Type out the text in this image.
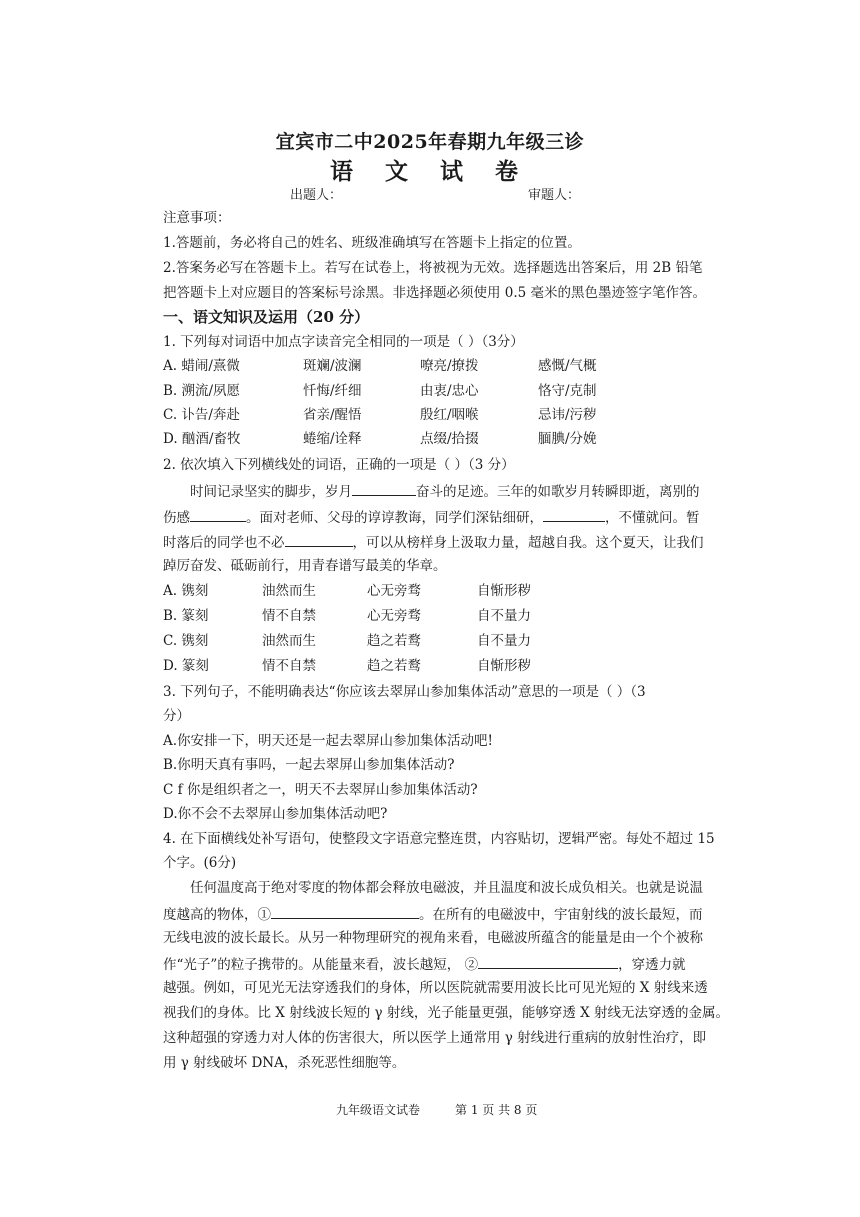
宜宾市二中2025年春期九年级三诊
语 文 试 卷
出题人：	审题人：
注意事项：
1.答题前，务必将自己的姓名、班级准确填写在答题卡上指定的位置。
2.答案务必写在答题卡上。若写在试卷上，将被视为无效。选择题选出答案后，用 2B 铅笔
把答题卡上对应题目的答案标号涂黑。非选择题必须使用 0.5 毫米的黑色墨迹签字笔作答。
一、语文知识及运用（20 分）
1. 下列每对词语中加点字读音完全相同的一项是（ ）（3分）
A. 蜡闹/熹微	斑斓/波澜	嘹亮/撩拨	感慨/气概
B. 溯流/夙愿	忏悔/纤细	由衷/忠心	恪守/克制
C. 讣告/奔赴	省亲/醒悟	殷红/咽喉	忌讳/污秽
D. 酗酒/畜牧	蜷缩/诠释	点缀/拾掇	腼腆/分娩
2. 依次填入下列横线处的词语，正确的一项是（ ）（3 分）
时间记录坚实的脚步，岁月	奋斗的足迹。三年的如歌岁月转瞬即逝，离别的
伤感	。面对老师、父母的谆谆教诲，同学们深钻细研，	，不懂就问。暂
时落后的同学也不必	，可以从榜样身上汲取力量，超越自我。这个夏天，让我们
踔厉奋发、砥砺前行，用青春谱写最美的华章。
A. 镌刻	油然而生	心无旁骛	自惭形秽
B. 篆刻	情不自禁	心无旁骛	自不量力
C. 镌刻	油然而生	趋之若鹜	自不量力
D. 篆刻	情不自禁	趋之若鹜	自惭形秽
3. 下列句子，不能明确表达“你应该去翠屏山参加集体活动”意思的一项是（ ）（3
分）
A.你安排一下，明天还是一起去翠屏山参加集体活动吧!
B.你明天真有事吗，一起去翠屏山参加集体活动?
C f 你是组织者之一，明天不去翠屏山参加集体活动?
D.你不会不去翠屏山参加集体活动吧?
4. 在下面横线处补写语句，使整段文字语意完整连贯，内容贴切，逻辑严密。每处不超过 15
个字。(6分)
任何温度高于绝对零度的物体都会释放电磁波，并且温度和波长成负相关。也就是说温
度越高的物体，①	。在所有的电磁波中，宇宙射线的波长最短，而
无线电波的波长最长。从另一种物理研究的视角来看，电磁波所蕴含的能量是由一个个被称
作“光子”的粒子携带的。从能量来看，波长越短， ②	，穿透力就
越强。例如，可见光无法穿透我们的身体，所以医院就需要用波长比可见光短的 X 射线来透
视我们的身体。比 X 射线波长短的 γ 射线，光子能量更强，能够穿透 X 射线无法穿透的金属。
这种超强的穿透力对人体的伤害很大，所以医学上通常用 γ 射线进行重病的放射性治疗，即
用 γ 射线破坏 DNA，杀死恶性细胞等。
九年级语文试卷	第 1 页 共 8 页
